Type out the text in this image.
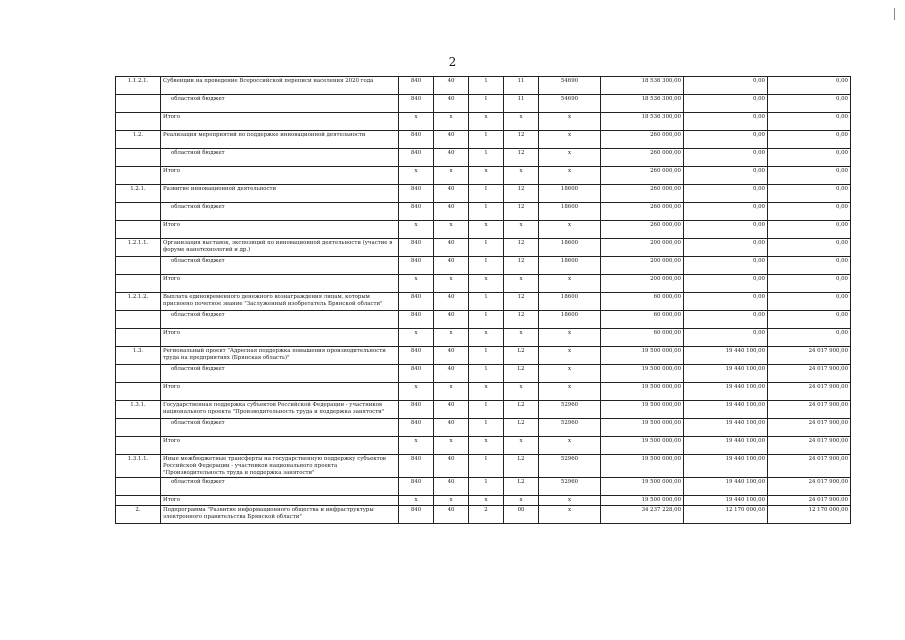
2
1.1.2.1.	Субвенции на проведение Всероссийской переписи населения 2020 года	840	40	1	11	54690	18 536 300,00	0,00	0,00
	областной бюджет	840	40	1	11	54690	18 536 300,00	0,00	0,00
	Итого	x	x	x	x	x	18 536 300,00	0,00	0,00
1.2.	Реализация мероприятий по поддержке инновационной деятельности	840	40	1	12	x	260 000,00	0,00	0,00
	областной бюджет	840	40	1	12	x	260 000,00	0,00	0,00
	Итого	x	x	x	x	x	260 000,00	0,00	0,00
1.2.1.	Развитие инновационной деятельности	840	40	1	12	18600	260 000,00	0,00	0,00
	областной бюджет	840	40	1	12	18600	260 000,00	0,00	0,00
	Итого	x	x	x	x	x	260 000,00	0,00	0,00
1.2.1.1.	Организация выставок, экспозиций по инновационной деятельности (участие в форуме нанотехнологий и др.)	840	40	1	12	18600	200 000,00	0,00	0,00
	областной бюджет	840	40	1	12	18600	200 000,00	0,00	0,00
	Итого	x	x	x	x	x	200 000,00	0,00	0,00
1.2.1.2.	Выплата единовременного денежного вознаграждения лицам, которым присвоено почетное звание "Заслуженный изобретатель Брянской области"	840	40	1	12	18600	60 000,00	0,00	0,00
	областной бюджет	840	40	1	12	18600	60 000,00	0,00	0,00
	Итого	x	x	x	x	x	60 000,00	0,00	0,00
1.3.	Региональный проект "Адресная поддержка повышения производительности труда на предприятиях (Брянская область)"	840	40	1	L2	x	19 500 000,00	19 440 100,00	24 017 900,00
	областной бюджет	840	40	1	L2	x	19 500 000,00	19 440 100,00	24 017 900,00
	Итого	x	x	x	x	x	19 500 000,00	19 440 100,00	24 017 900,00
1.3.1.	Государственная поддержка субъектов Российской Федерации - участников национального проекта "Производительность труда и поддержка занятости"	840	40	1	L2	52960	19 500 000,00	19 440 100,00	24 017 900,00
	областной бюджет	840	40	1	L2	52960	19 500 000,00	19 440 100,00	24 017 900,00
	Итого	x	x	x	x	x	19 500 000,00	19 440 100,00	24 017 900,00
1.3.1.1.	Иные межбюджетные трансферты на государственную поддержку субъектов Российской Федерации - участников национального проекта "Производительность труда и поддержка занятости"	840	40	1	L2	52960	19 500 000,00	19 440 100,00	24 017 900,00
	областной бюджет	840	40	1	L2	52960	19 500 000,00	19 440 100,00	24 017 900,00
	Итого	x	x	x	x	x	19 500 000,00	19 440 100,00	24 017 900,00
2.	Подпрограмма "Развитие информационного общества и инфраструктуры электронного правительства Брянской области"	840	40	2	00	x	34 237 228,00	12 170 000,00	12 170 000,00
